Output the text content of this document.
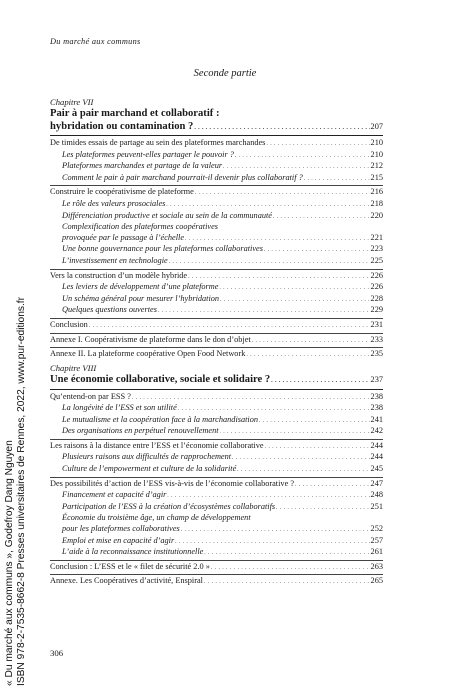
Du marché aux communs
Seconde partie
Chapitre VII
Pair à pair marchand et collaboratif :
hybridation ou contamination ? . . .	207
De timides essais de partage au sein des plateformes marchandes . . .	210
Les plateformes peuvent-elles partager le pouvoir ? . . .	210
Plateformes marchandes et partage de la valeur . . .	212
Comment le pair à pair marchand pourrait-il devenir plus collaboratif ? . . .	215
Construire le coopérativisme de plateforme . . .	216
Le rôle des valeurs prosociales . . .	218
Différenciation productive et sociale au sein de la communauté . . .	220
Complexification des plateformes coopératives
provoquée par le passage à l’échelle . . .	221
Une bonne gouvernance pour les plateformes collaboratives . . .	223
L’investissement en technologie . . .	225
Vers la construction d’un modèle hybride . . .	226
Les leviers de développement d’une plateforme . . .	226
Un schéma général pour mesurer l’hybridation . . .	228
Quelques questions ouvertes . . .	229
Conclusion . . .	231
Annexe I. Coopérativisme de plateforme dans le don d’objet . . .	233
Annexe II. La plateforme coopérative Open Food Network . . .	235
Chapitre VIII
Une économie collaborative, sociale et solidaire ? . . .	237
Qu’entend-on par ESS ? . . .	238
La longévité de l’ESS et son utilité . . .	238
Le mutualisme et la coopération face à la marchandisation . . .	241
Des organisations en perpétuel renouvellement . . .	242
Les raisons à la distance entre l’ESS et l’économie collaborative . . .	244
Plusieurs raisons aux difficultés de rapprochement . . .	244
Culture de l’empowerment et culture de la solidarité . . .	245
Des possibilités d’action de l’ESS vis-à-vis de l’économie collaborative ? . . .	247
Financement et capacité d’agir . . .	248
Participation de l’ESS à la création d’écosystèmes collaboratifs . . .	251
Économie du troisième âge, un champ de développement
pour les plateformes collaboratives . . .	252
Emploi et mise en capacité d’agir . . .	257
L’aide à la reconnaissance institutionnelle . . .	261
Conclusion : L’ESS et le « filet de sécurité 2.0 » . . .	263
Annexe. Les Coopératives d’activité, Enspiral . . .	265
306
« Du marché aux communs », Godefroy Dang Nguyen ISBN 978-2-7535-8662-8 Presses universitaires de Rennes, 2022, www.pur-editions.fr
